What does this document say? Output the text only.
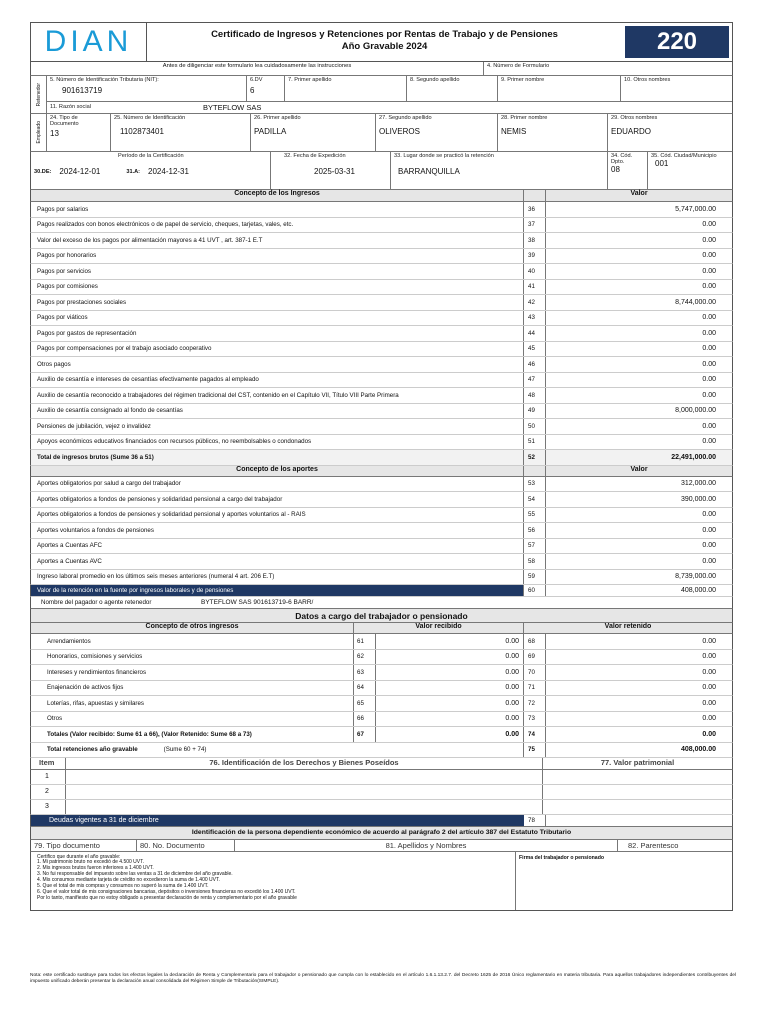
DIAN	Certificado de Ingresos y Retenciones por Rentas de Trabajo y de Pensiones
Año Gravable 2024	220
Antes de diligenciar este formulario lea cuidadosamente las instrucciones	4. Número de Formulario
Retenedor
5. Número de Identificación Tributaria (NIT):
901613719
6.DV
6
7. Primer apellido	8. Segundo apellido	9. Primer nombre	10. Otros nombres
11. Razón social	BYTEFLOW SAS
Empleado
24. Tipo de Documento
13
25. Número de Identificación
1102873401
26. Primer apellido
PADILLA
27. Segundo apellido
OLIVEROS
28. Primer nombre
NEMIS
29. Otros nombres
EDUARDO
Período de la Certificación
30.DE: 2024-12-01	31.A: 2024-12-31
32. Fecha de Expedición
2025-03-31
33. Lugar donde se practicó la retención
BARRANQUILLA
34. Cód. Dpto.
08
35. Cód. Ciudad/Municipio
001
Concepto de los Ingresos	Valor
Pagos por salarios	36	5,747,000.00
Pagos realizados con bonos electrónicos o de papel de servicio, cheques, tarjetas, vales, etc.	37	0.00
Valor del exceso de los pagos por alimentación mayores a 41 UVT , art. 387-1 E.T	38	0.00
Pagos por honorarios	39	0.00
Pagos por servicios	40	0.00
Pagos por comisiones	41	0.00
Pagos por prestaciones sociales	42	8,744,000.00
Pagos por viáticos	43	0.00
Pagos por gastos de representación	44	0.00
Pagos por compensaciones por el trabajo asociado cooperativo	45	0.00
Otros pagos	46	0.00
Auxilio de cesantía e intereses de cesantías efectivamente pagados al empleado	47	0.00
Auxilio de cesantía reconocido a trabajadores del régimen tradicional del CST, contenido en el Capítulo VII, Título VIII Parte Primera	48	0.00
Auxilio de cesantía consignado al fondo de cesantías	49	8,000,000.00
Pensiones de jubilación, vejez o invalidez	50	0.00
Apoyos económicos educativos financiados con recursos públicos, no reembolsables o condonados	51	0.00
Total de ingresos brutos (Sume 36 a 51)	52	22,491,000.00
Concepto de los aportes	Valor
Aportes obligatorios por salud a cargo del trabajador	53	312,000.00
Aportes obligatorios a fondos de pensiones y solidaridad pensional a cargo del trabajador	54	390,000.00
Aportes obligatorios a fondos de pensiones y solidaridad pensional y aportes voluntarios al - RAIS	55	0.00
Aportes voluntarios a fondos de pensiones	56	0.00
Aportes a Cuentas AFC	57	0.00
Aportes a Cuentas AVC	58	0.00
Ingreso laboral promedio en los últimos seis meses anteriores (numeral 4 art. 206 E.T)	59	8,739,000.00
Valor de la retención en la fuente por ingresos laborales y de pensiones	60	408,000.00
Nombre del pagador o agente retenedor	BYTEFLOW SAS 901613719-6 BARR/
Datos a cargo del trabajador o pensionado
Concepto de otros ingresos	Valor recibido	Valor retenido
Arrendamientos	61	0.00	68	0.00
Honorarios, comisiones y servicios	62	0.00	69	0.00
Intereses y rendimientos financieros	63	0.00	70	0.00
Enajenación de activos fijos	64	0.00	71	0.00
Loterías, rifas, apuestas y similares	65	0.00	72	0.00
Otros	66	0.00	73	0.00
Totales (Valor recibido: Sume 61 a 66), (Valor Retenido: Sume 68 a 73)	67	0.00	74	0.00
Total retenciones año gravable	(Sume 60 + 74)	75	408,000.00
Item	76. Identificación de los Derechos y Bienes Poseídos	77. Valor patrimonial
1
2
3
Deudas vigentes a 31 de diciembre	78
Identificación de la persona dependiente económico de acuerdo al parágrafo 2 del artículo 387 del Estatuto Tributario
79. Tipo documento	80. No. Documento	81. Apellidos y Nombres	82. Parentesco
Certifico que durante el año gravable:
1. Mi patrimonio bruto no excedió de 4.500 UVT.
2. Mis ingresos brutos fueron inferiores a 1.400 UVT.
3. No fui responsable del impuesto sobre las ventas a 31 de diciembre del año gravable.
4. Mis consumos mediante tarjeta de crédito no excedieron la suma de 1.400 UVT.
5. Que el total de mis compras y consumos no superó la suma de 1.400 UVT.
6. Que el valor total de mis consignaciones bancarias, depósitos o inversiones financieras no excedió los 1.400 UVT.
Por lo tanto, manifiesto que no estoy obligado a presentar declaración de renta y complementario por el año gravable
Firma del trabajador o pensionado
Nota: este certificado sustituye para todos los efectos legales la declaración de Renta y Complementario para el trabajador o pensionado que cumpla con lo establecido en el artículo 1.6.1.13.2.7. del Decreto 1625 de 2016 Único reglamentario en materia tributaria. Para aquellos trabajadores independientes contribuyentes del impuesto unificado deberán presentar la declaración anual consolidada del Régimen Simple de Tributación(SIMPLE).
